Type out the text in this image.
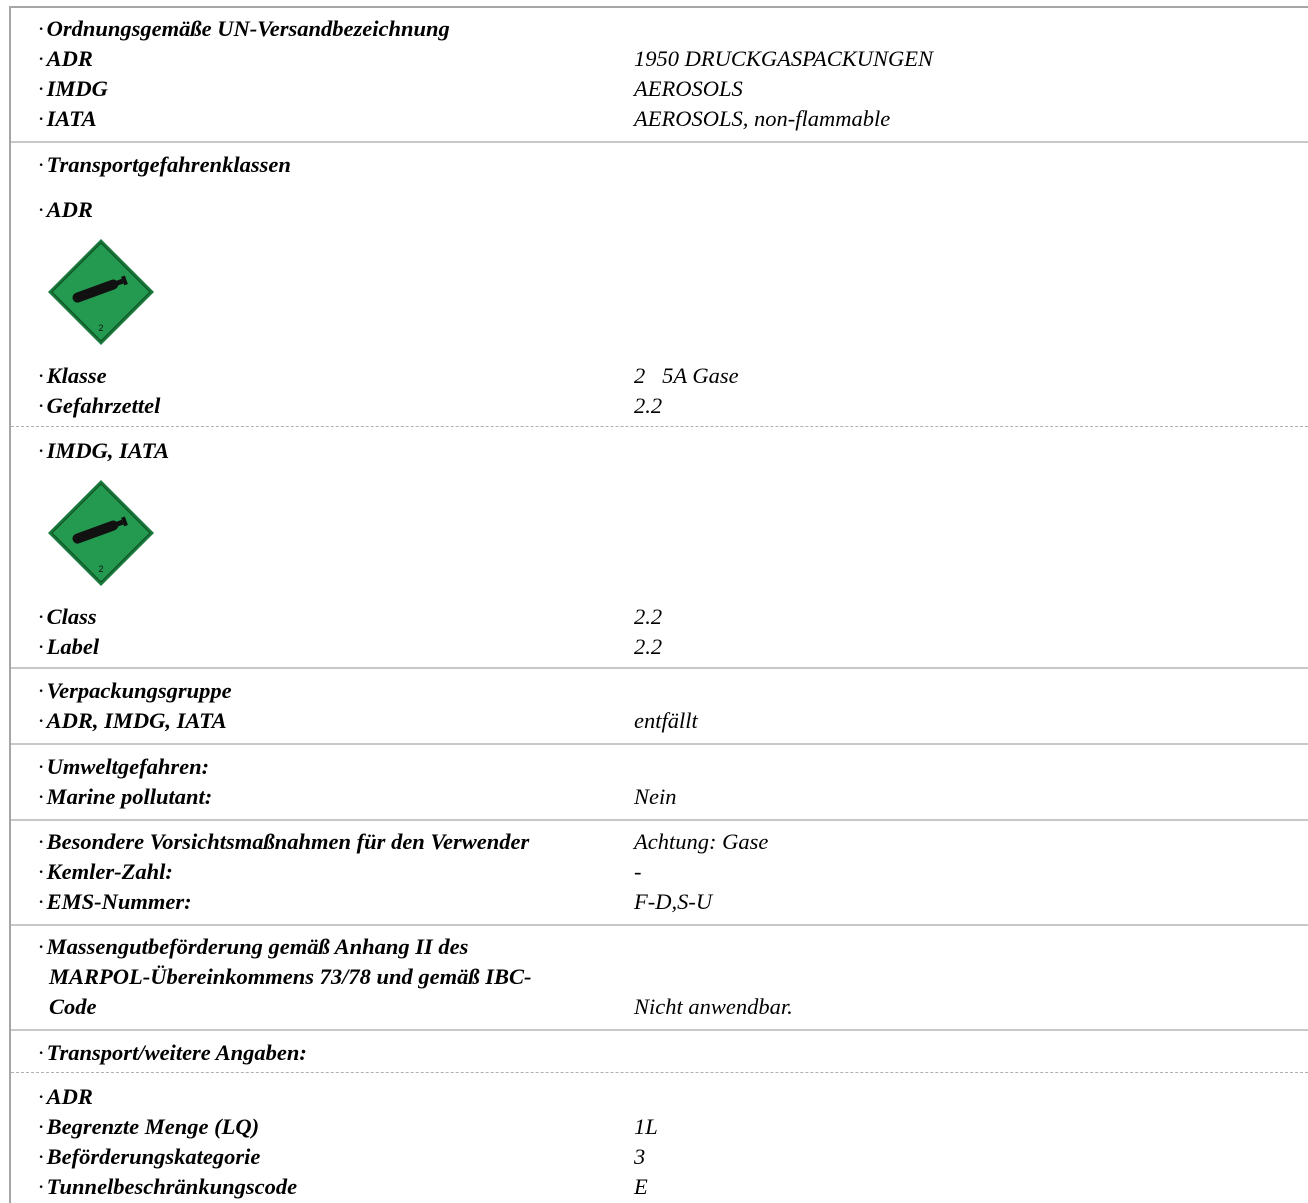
· Ordnungsgemäße UN-Versandbezeichnung
· ADR	1950 DRUCKGASPACKUNGEN
· IMDG	AEROSOLS
· IATA	AEROSOLS, non-flammable
· Transportgefahrenklassen
· ADR
2
· Klasse	2   5A Gase
· Gefahrzettel	2.2
· IMDG, IATA
2
· Class	2.2
· Label	2.2
· Verpackungsgruppe
· ADR, IMDG, IATA	entfällt
· Umweltgefahren:
· Marine pollutant:	Nein
· Besondere Vorsichtsmaßnahmen für den Verwender	Achtung: Gase
· Kemler-Zahl:	-
· EMS-Nummer:	F-D,S-U
· Massengutbeförderung gemäß Anhang II des
MARPOL-Übereinkommens 73/78 und gemäß IBC-
Code	Nicht anwendbar.
· Transport/weitere Angaben:
· ADR
· Begrenzte Menge (LQ)	1L
· Beförderungskategorie	3
· Tunnelbeschränkungscode	E
